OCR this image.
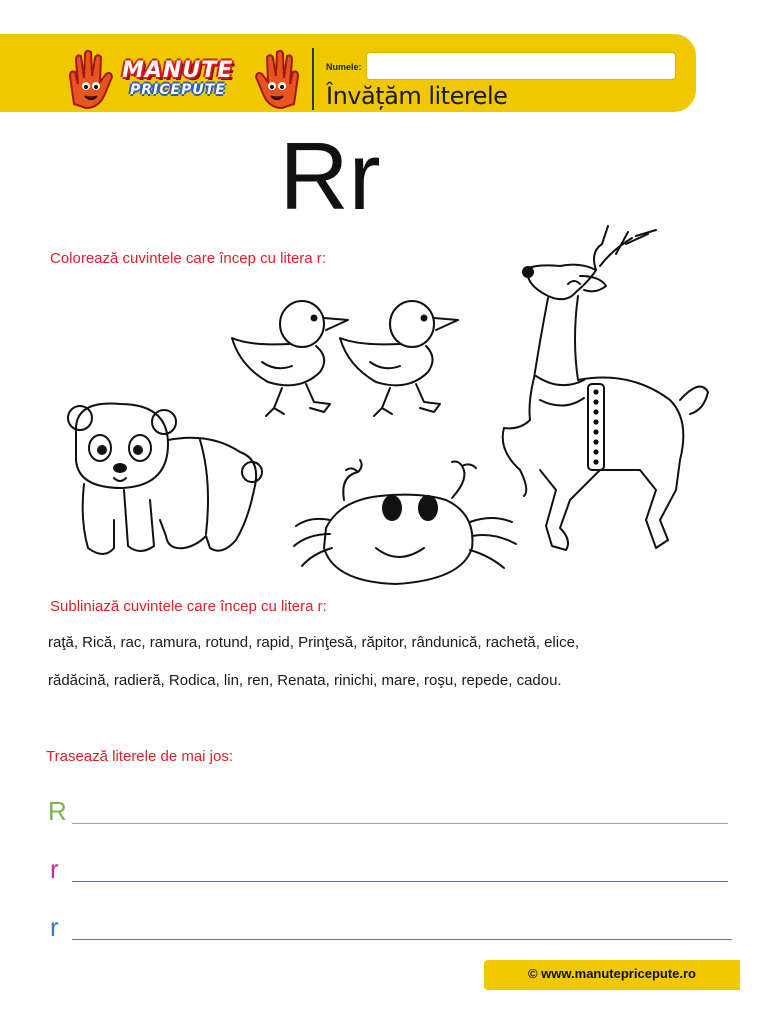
MANUTE
PRICEPUTE
Numele:
Învățăm literele
Rr
Colorează cuvintele care încep cu litera r:
Subliniază cuvintele care încep cu litera r:
raţă, Rică, rac, ramura, rotund, rapid, Prinţesă, răpitor, rândunică, rachetă, elice,
rădăcină, radieră, Rodica, lin, ren, Renata, rinichi, mare, roşu, repede, cadou.
Trasează literele de mai jos:
R
r
r
© www.manutepricepute.ro
